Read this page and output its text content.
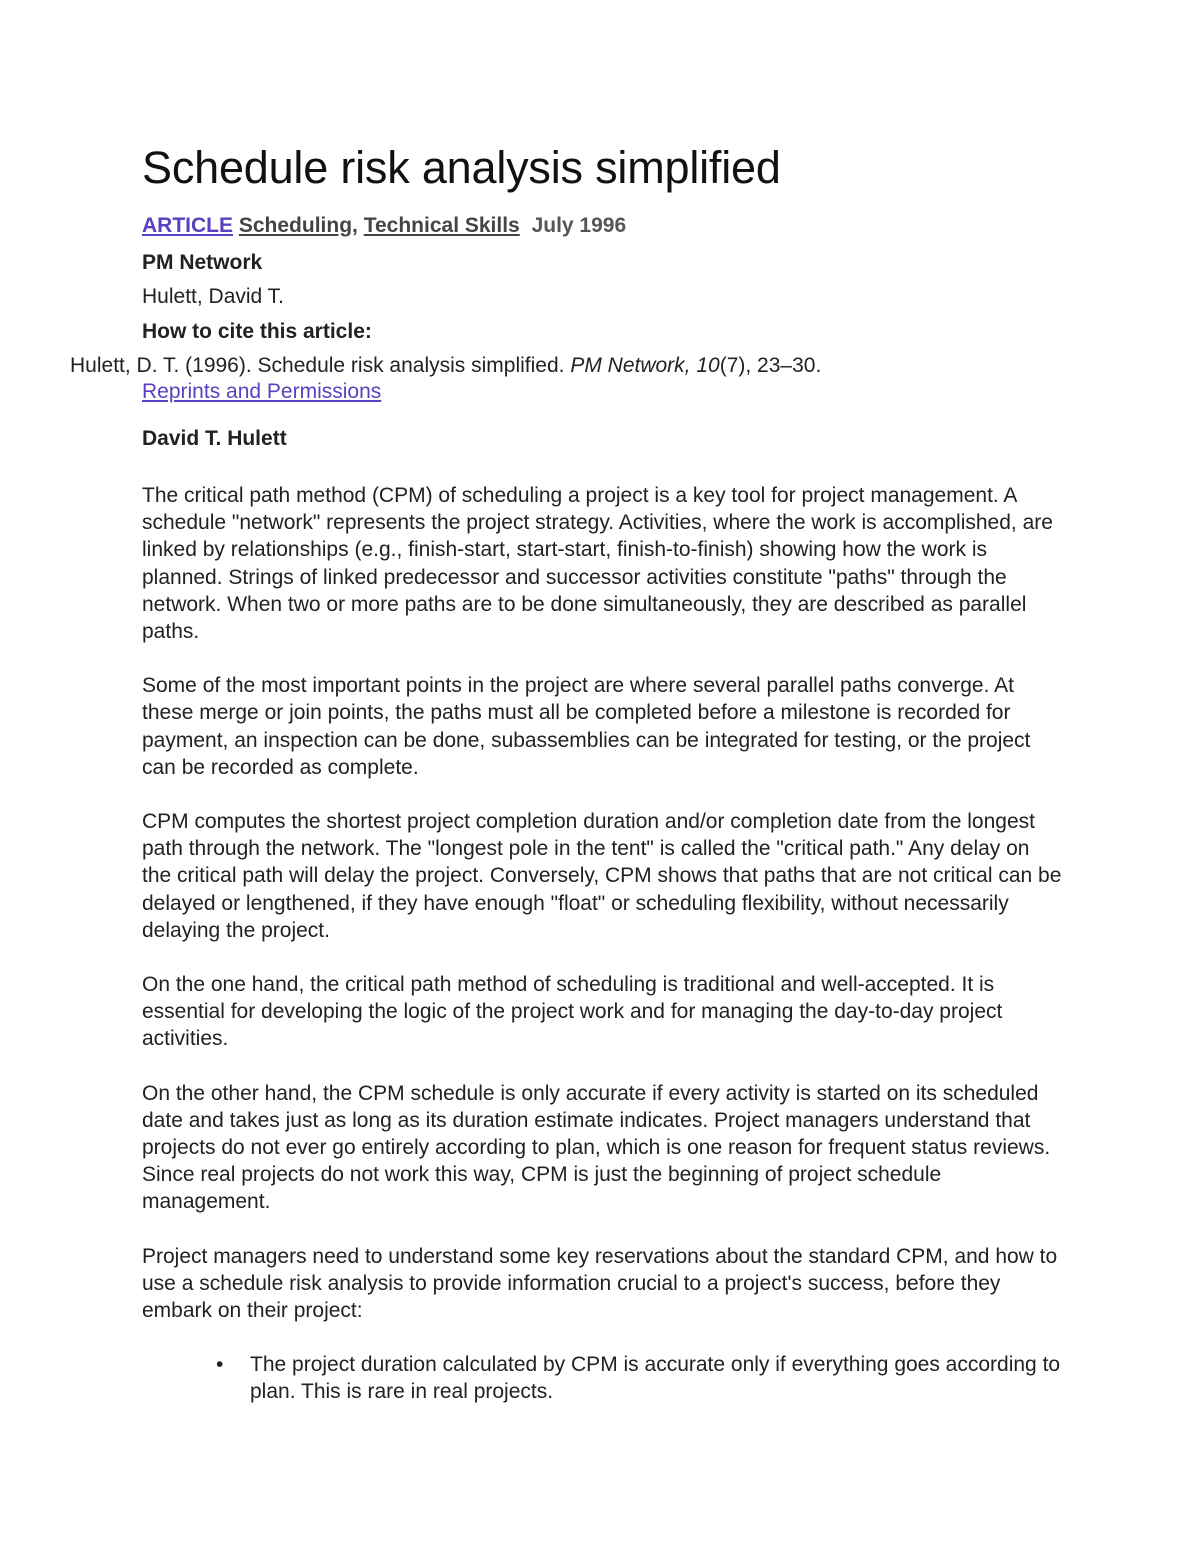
Schedule risk analysis simplified
ARTICLE Scheduling, Technical Skills July 1996
PM Network
Hulett, David T.
How to cite this article:
Hulett, D. T. (1996). Schedule risk analysis simplified. PM Network, 10(7), 23–30.
Reprints and Permissions
David T. Hulett

The critical path method (CPM) of scheduling a project is a key tool for project management. A schedule "network" represents the project strategy. Activities, where the work is accomplished, are linked by relationships (e.g., finish-start, start-start, finish-to-finish) showing how the work is planned. Strings of linked predecessor and successor activities constitute "paths" through the network. When two or more paths are to be done simultaneously, they are described as parallel paths.

Some of the most important points in the project are where several parallel paths converge. At these merge or join points, the paths must all be completed before a milestone is recorded for payment, an inspection can be done, subassemblies can be integrated for testing, or the project can be recorded as complete.

CPM computes the shortest project completion duration and/or completion date from the longest path through the network. The "longest pole in the tent" is called the "critical path." Any delay on the critical path will delay the project. Conversely, CPM shows that paths that are not critical can be delayed or lengthened, if they have enough "float" or scheduling flexibility, without necessarily delaying the project.

On the one hand, the critical path method of scheduling is traditional and well-accepted. It is essential for developing the logic of the project work and for managing the day-to-day project activities.

On the other hand, the CPM schedule is only accurate if every activity is started on its scheduled date and takes just as long as its duration estimate indicates. Project managers understand that projects do not ever go entirely according to plan, which is one reason for frequent status reviews. Since real projects do not work this way, CPM is just the beginning of project schedule management.

Project managers need to understand some key reservations about the standard CPM, and how to use a schedule risk analysis to provide information crucial to a project's success, before they embark on their project:

• The project duration calculated by CPM is accurate only if everything goes according to plan. This is rare in real projects.
